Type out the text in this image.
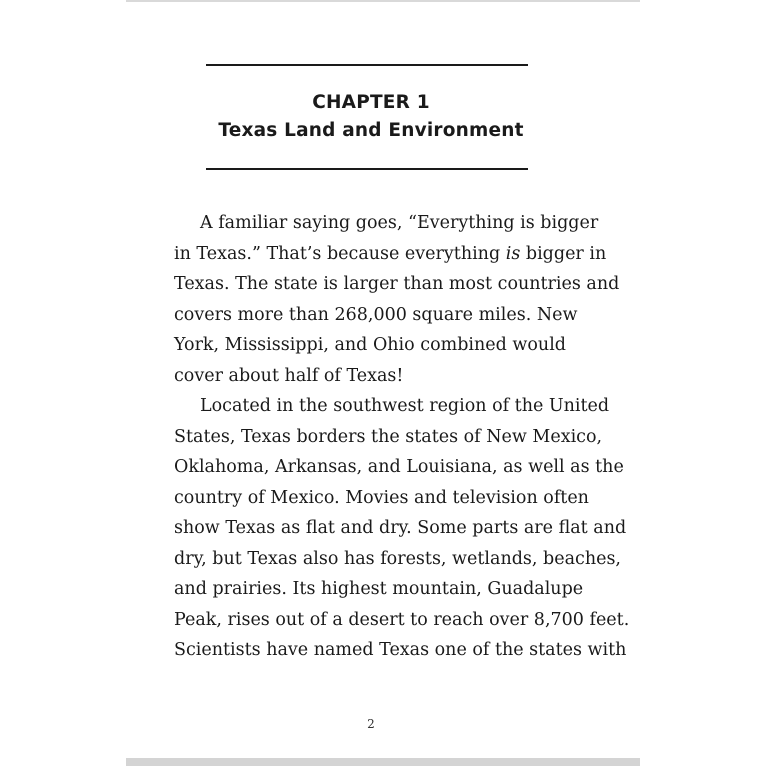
CHAPTER 1
Texas Land and Environment
A familiar saying goes, “Everything is bigger
in Texas.” That’s because everything is bigger in
Texas. The state is larger than most countries and
covers more than 268,000 square miles. New
York, Mississippi, and Ohio combined would
cover about half of Texas!
Located in the southwest region of the United
States, Texas borders the states of New Mexico,
Oklahoma, Arkansas, and Louisiana, as well as the
country of Mexico. Movies and television often
show Texas as flat and dry. Some parts are flat and
dry, but Texas also has forests, wetlands, beaches,
and prairies. Its highest mountain, Guadalupe
Peak, rises out of a desert to reach over 8,700 feet.
Scientists have named Texas one of the states with
2
